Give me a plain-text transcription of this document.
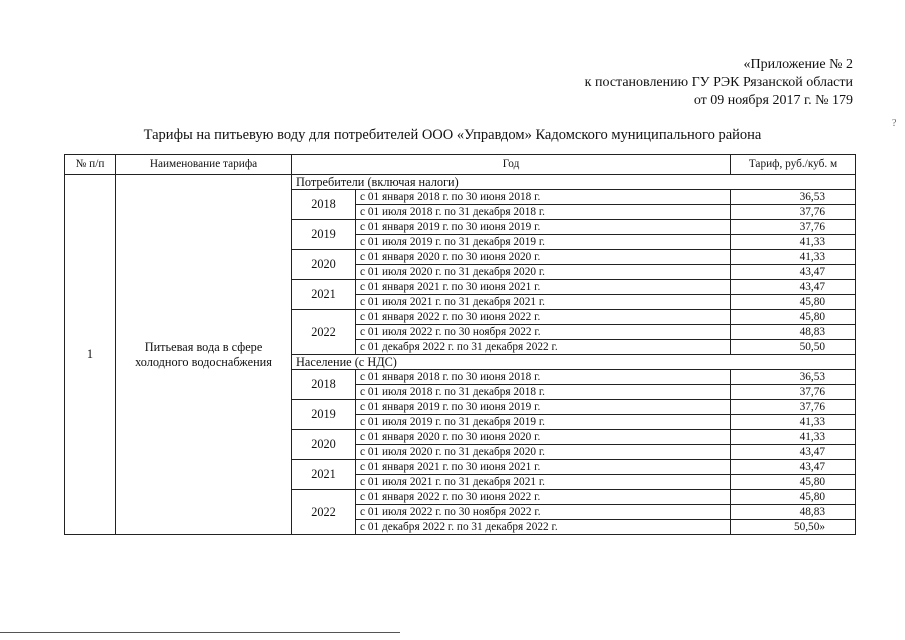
«Приложение № 2
к постановлению ГУ РЭК Рязанской области
от 09 ноября 2017 г. № 179
Тарифы на питьевую воду для потребителей ООО «Управдом» Кадомского муниципального района
?
№ п/п	Наименование тарифа	Год		Тариф, руб./куб. м
1	Питьевая вода в сфере холодного водоснабжения	Потребители (включая налоги)		
		2018	с 01 января 2018 г. по 30 июня 2018 г.	36,53
			с 01 июля 2018 г. по 31 декабря 2018 г.	37,76
		2019	с 01 января 2019 г. по 30 июня 2019 г.	37,76
			с 01 июля 2019 г. по 31 декабря 2019 г.	41,33
		2020	с 01 января 2020 г. по 30 июня 2020 г.	41,33
			с 01 июля 2020 г. по 31 декабря 2020 г.	43,47
		2021	с 01 января 2021 г. по 30 июня 2021 г.	43,47
			с 01 июля 2021 г. по 31 декабря 2021 г.	45,80
		2022	с 01 января 2022 г. по 30 июня 2022 г.	45,80
			с 01 июля 2022 г. по 30 ноября 2022 г.	48,83
			с 01 декабря 2022 г. по 31 декабря 2022 г.	50,50
		Население (с НДС)		
		2018	с 01 января 2018 г. по 30 июня 2018 г.	36,53
			с 01 июля 2018 г. по 31 декабря 2018 г.	37,76
		2019	с 01 января 2019 г. по 30 июня 2019 г.	37,76
			с 01 июля 2019 г. по 31 декабря 2019 г.	41,33
		2020	с 01 января 2020 г. по 30 июня 2020 г.	41,33
			с 01 июля 2020 г. по 31 декабря 2020 г.	43,47
		2021	с 01 января 2021 г. по 30 июня 2021 г.	43,47
			с 01 июля 2021 г. по 31 декабря 2021 г.	45,80
		2022	с 01 января 2022 г. по 30 июня 2022 г.	45,80
			с 01 июля 2022 г. по 30 ноября 2022 г.	48,83
			с 01 декабря 2022 г. по 31 декабря 2022 г.	50,50»
